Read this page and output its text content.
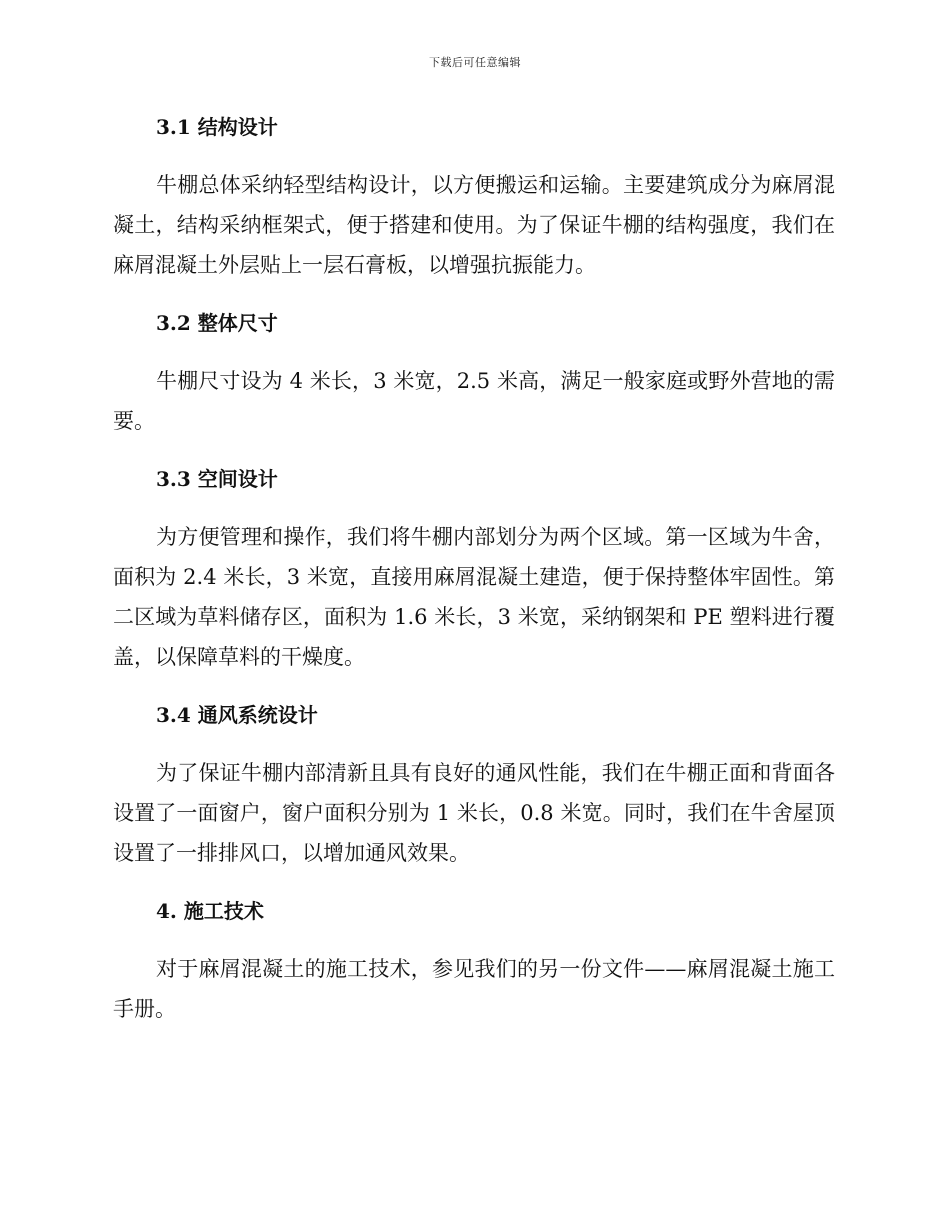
下载后可任意编辑
3.1 结构设计

牛棚总体采纳轻型结构设计，以方便搬运和运输。主要建筑成分为麻屑混凝土，结构采纳框架式，便于搭建和使用。为了保证牛棚的结构强度，我们在麻屑混凝土外层贴上一层石膏板，以增强抗振能力。

3.2 整体尺寸

牛棚尺寸设为 4 米长，3 米宽，2.5 米高，满足一般家庭或野外营地的需要。

3.3 空间设计

为方便管理和操作，我们将牛棚内部划分为两个区域。第一区域为牛舍，面积为 2.4 米长，3 米宽，直接用麻屑混凝土建造，便于保持整体牢固性。第二区域为草料储存区，面积为 1.6 米长，3 米宽，采纳钢架和 PE 塑料进行覆盖，以保障草料的干燥度。

3.4 通风系统设计

为了保证牛棚内部清新且具有良好的通风性能，我们在牛棚正面和背面各设置了一面窗户，窗户面积分别为 1 米长，0.8 米宽。同时，我们在牛舍屋顶设置了一排排风口，以增加通风效果。

4. 施工技术

对于麻屑混凝土的施工技术，参见我们的另一份文件——麻屑混凝土施工手册。
